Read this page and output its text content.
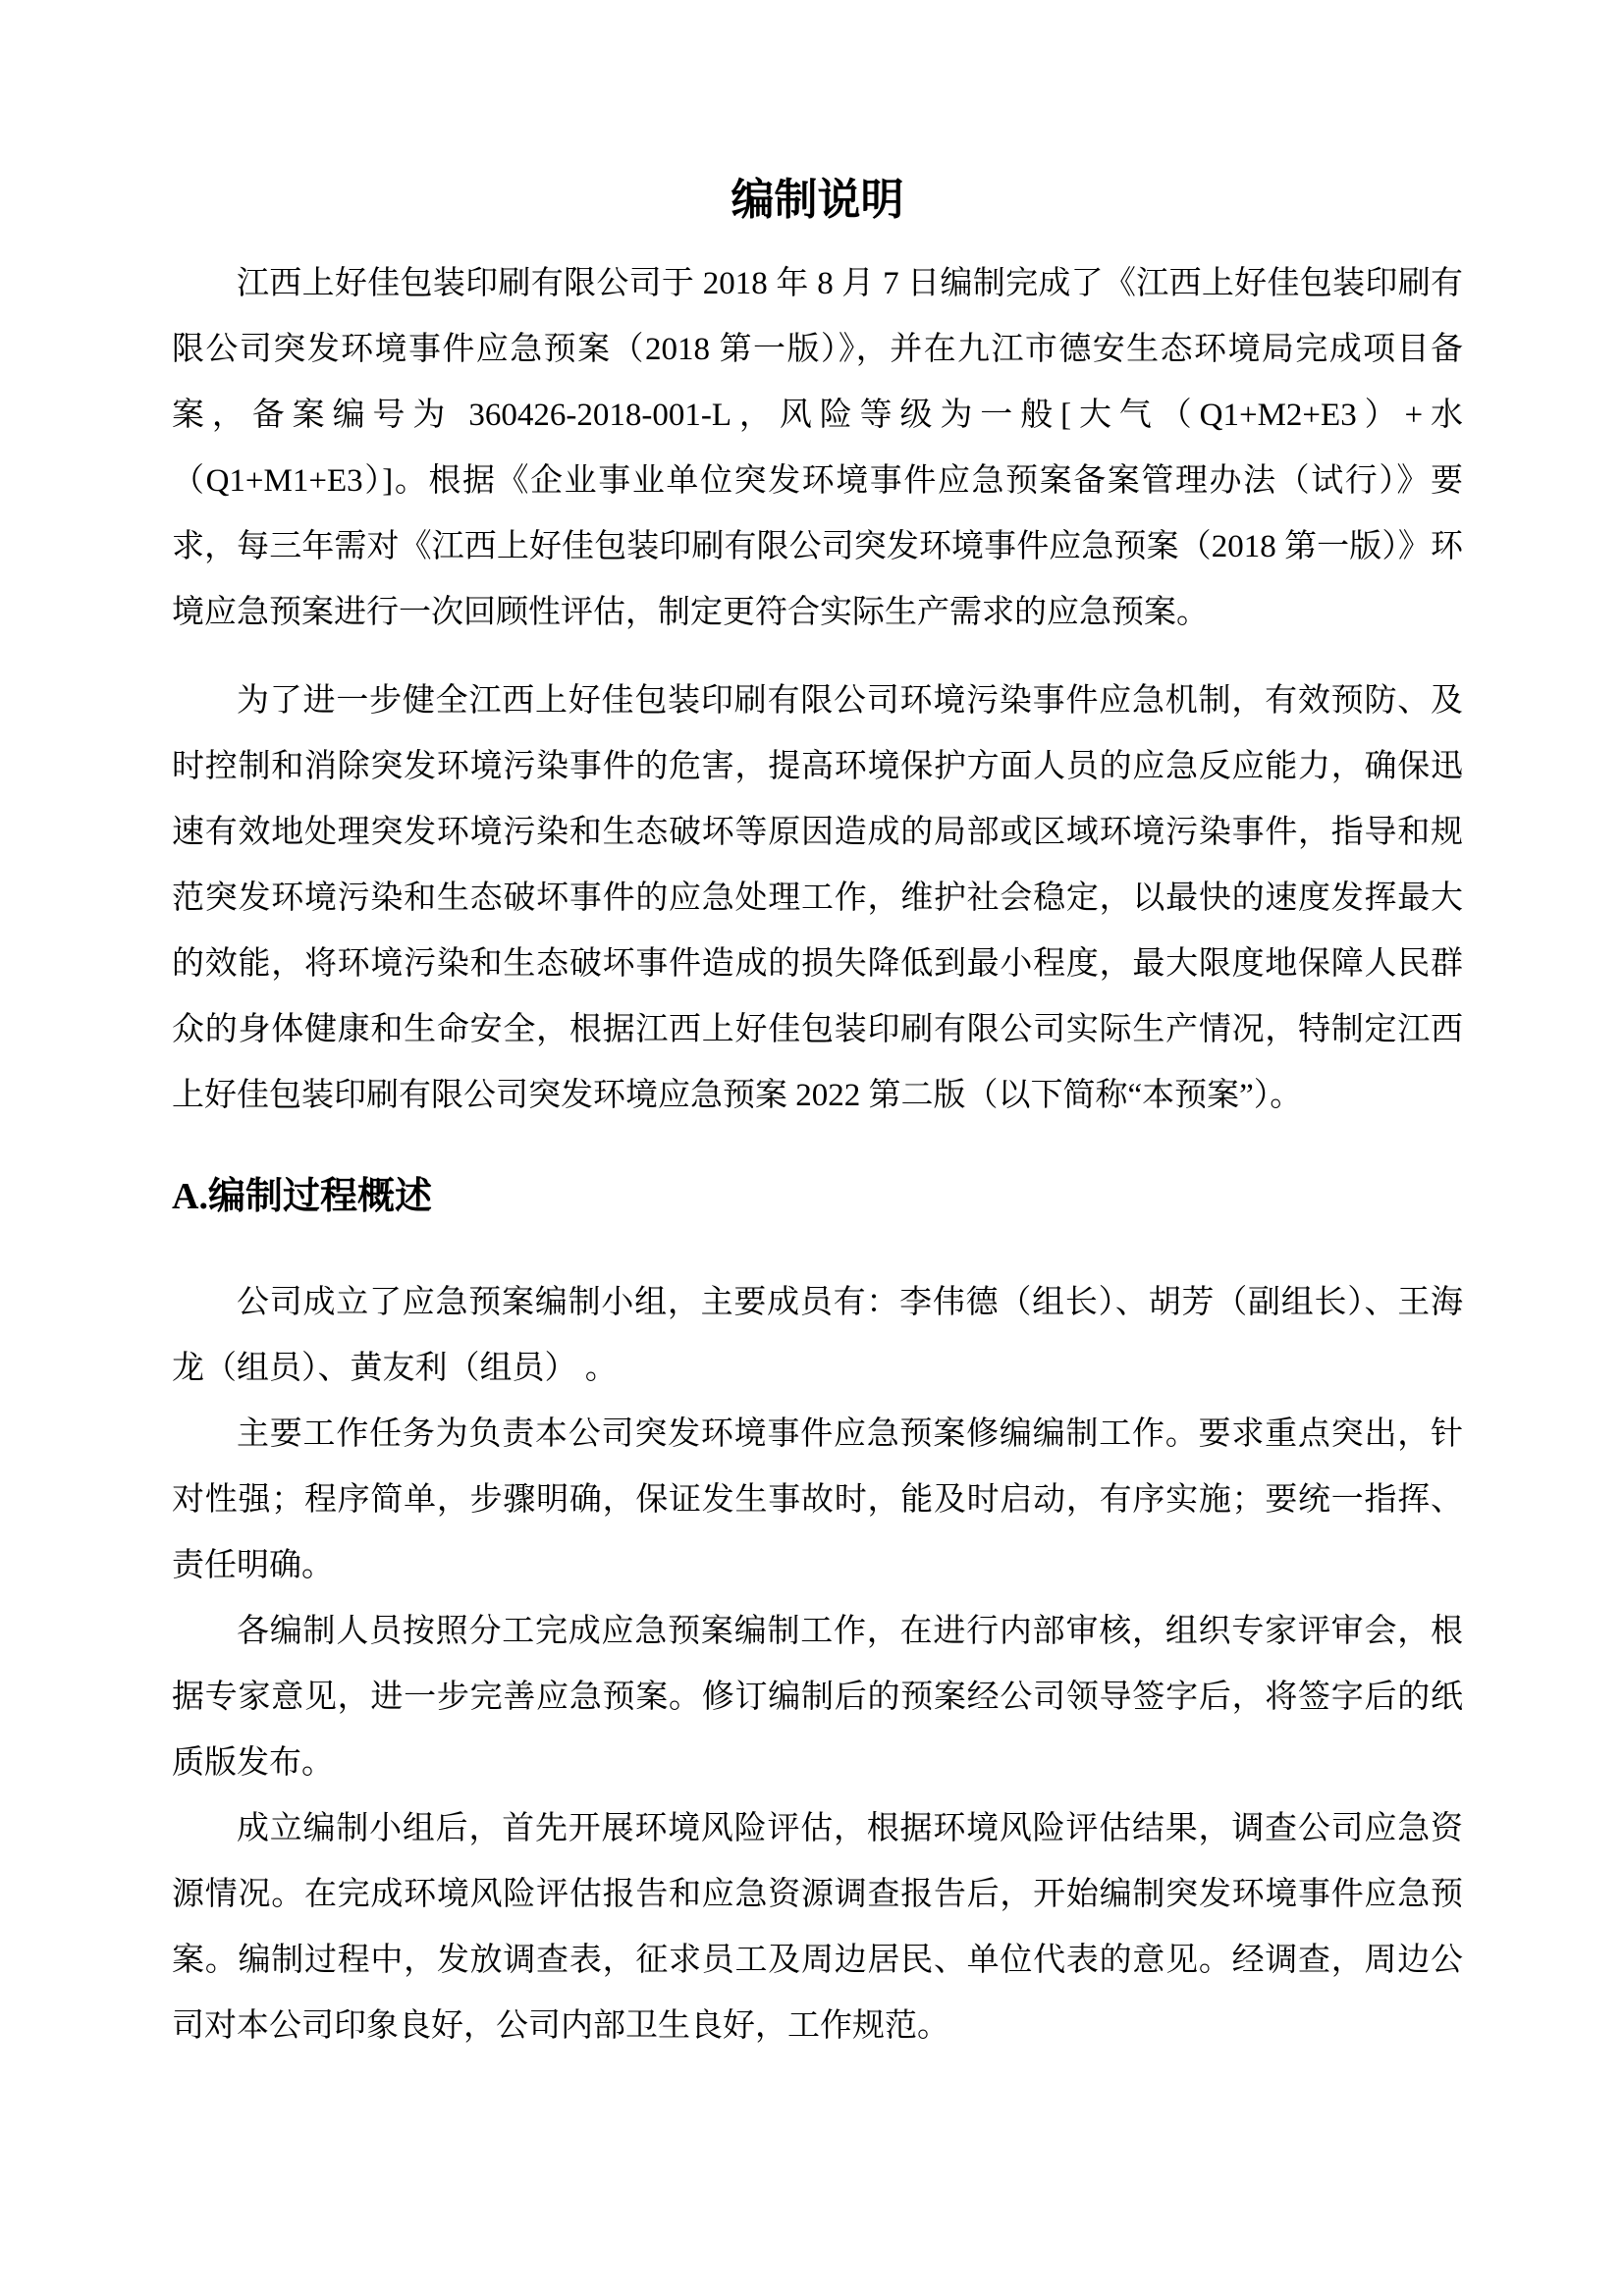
编制说明

江西上好佳包装印刷有限公司于 2018 年 8 月 7 日编制完成了《江西上好佳包装印刷有限公司突发环境事件应急预案（2018 第一版）》，并在九江市德安生态环境局完成项目备案，备案编号为 360426-2018-001-L，风险等级为一般[大气（Q1+M2+E3）+水（Q1+M1+E3）]。根据《企业事业单位突发环境事件应急预案备案管理办法（试行）》要求，每三年需对《江西上好佳包装印刷有限公司突发环境事件应急预案（2018 第一版）》环境应急预案进行一次回顾性评估，制定更符合实际生产需求的应急预案。

为了进一步健全江西上好佳包装印刷有限公司环境污染事件应急机制，有效预防、及时控制和消除突发环境污染事件的危害，提高环境保护方面人员的应急反应能力，确保迅速有效地处理突发环境污染和生态破坏等原因造成的局部或区域环境污染事件，指导和规范突发环境污染和生态破坏事件的应急处理工作，维护社会稳定，以最快的速度发挥最大的效能，将环境污染和生态破坏事件造成的损失降低到最小程度，最大限度地保障人民群众的身体健康和生命安全，根据江西上好佳包装印刷有限公司实际生产情况，特制定江西上好佳包装印刷有限公司突发环境应急预案 2022 第二版（以下简称“本预案”）。

A.编制过程概述

公司成立了应急预案编制小组，主要成员有：李伟德（组长）、胡芳（副组长）、王海龙（组员）、黄友利（组员） 。

主要工作任务为负责本公司突发环境事件应急预案修编编制工作。要求重点突出，针对性强；程序简单，步骤明确，保证发生事故时，能及时启动，有序实施；要统一指挥、责任明确。

各编制人员按照分工完成应急预案编制工作，在进行内部审核，组织专家评审会，根据专家意见，进一步完善应急预案。修订编制后的预案经公司领导签字后，将签字后的纸质版发布。

成立编制小组后，首先开展环境风险评估，根据环境风险评估结果，调查公司应急资源情况。在完成环境风险评估报告和应急资源调查报告后，开始编制突发环境事件应急预案。编制过程中，发放调查表，征求员工及周边居民、单位代表的意见。经调查，周边公司对本公司印象良好，公司内部卫生良好，工作规范。
